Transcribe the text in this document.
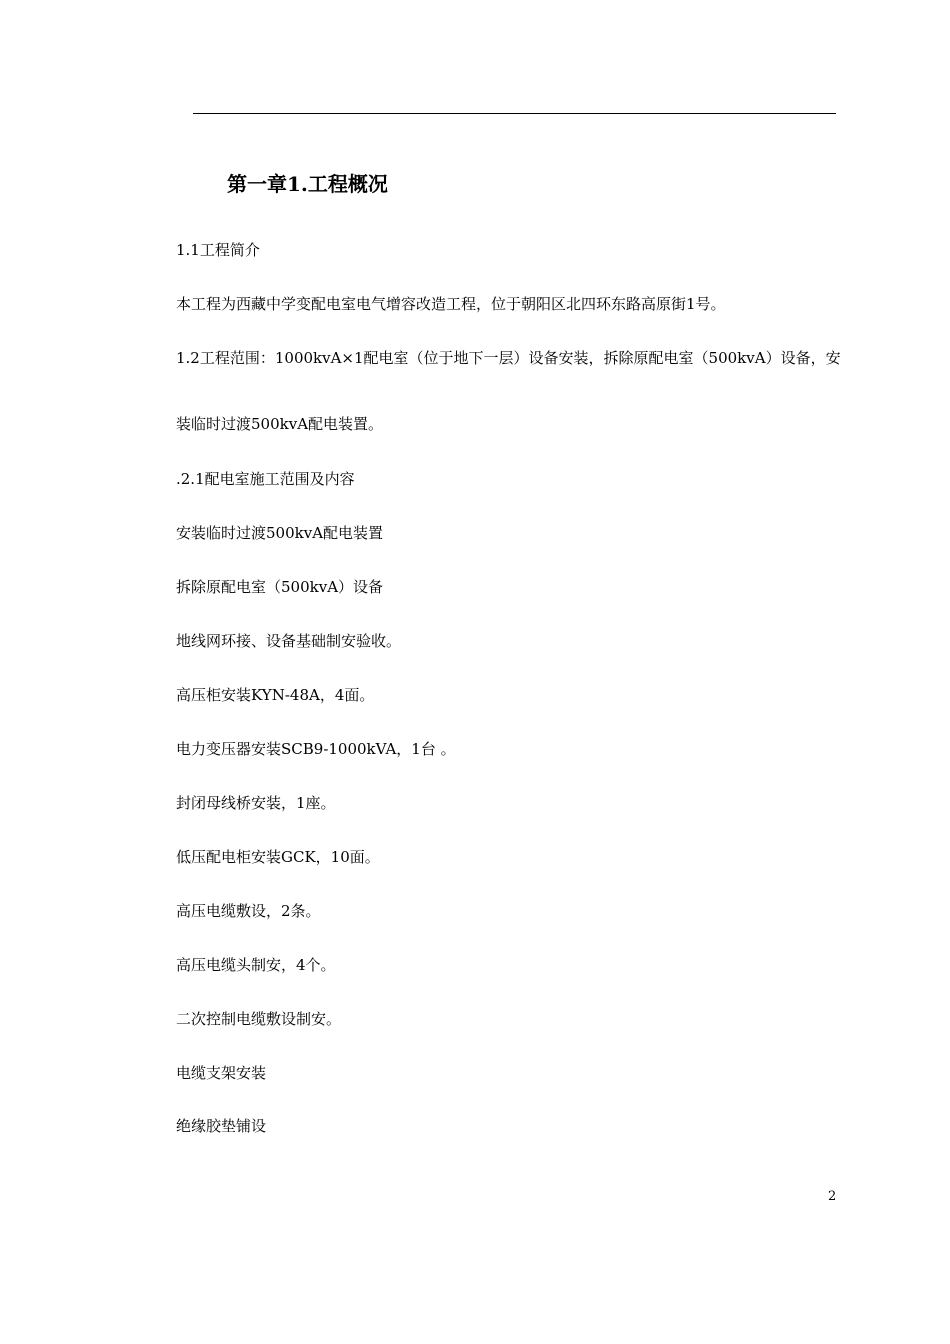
第一章1.工程概况
1.1工程简介
本工程为西藏中学变配电室电气增容改造工程，位于朝阳区北四环东路高原街1号。
1.2工程范围：1000kvA×1配电室（位于地下一层）设备安装，拆除原配电室（500kvA）设备，安
装临时过渡500kvA配电装置。
.2.1配电室施工范围及内容
安装临时过渡500kvA配电装置
拆除原配电室（500kvA）设备
地线网环接、设备基础制安验收。
高压柜安装KYN-48A，4面。
电力变压器安装SCB9-1000kVA，1台 。
封闭母线桥安装，1座。
低压配电柜安装GCK，10面。
高压电缆敷设，2条。
高压电缆头制安，4个。
二次控制电缆敷设制安。
电缆支架安装
绝缘胶垫铺设
2
